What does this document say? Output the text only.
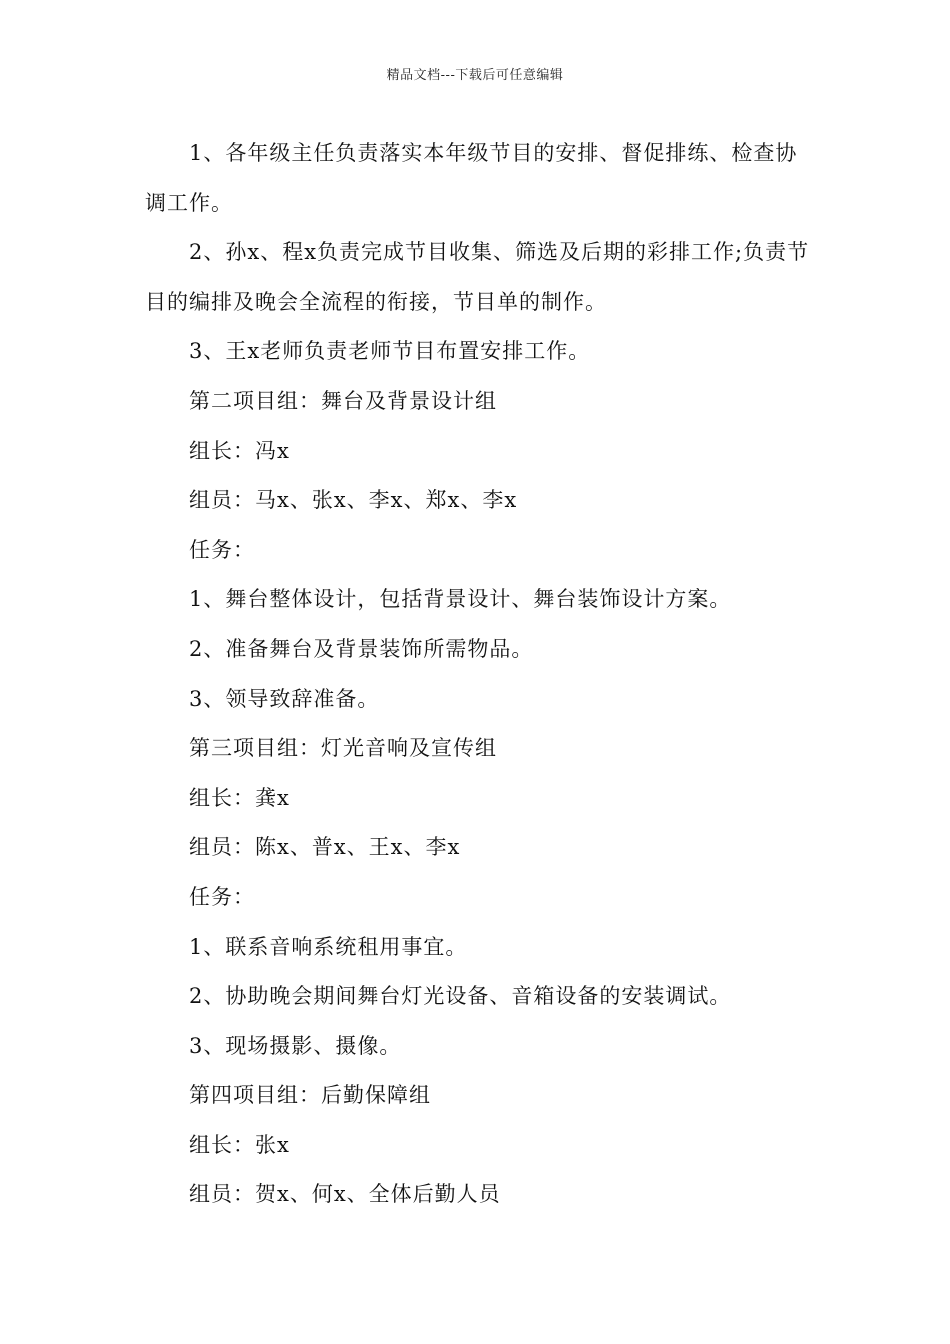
精品文档---下载后可任意编辑

1、各年级主任负责落实本年级节目的安排、督促排练、检查协调工作。

2、孙x、程x负责完成节目收集、筛选及后期的彩排工作;负责节目的编排及晚会全流程的衔接，节目单的制作。

3、王x老师负责老师节目布置安排工作。

第二项目组：舞台及背景设计组

组长：冯x

组员：马x、张x、李x、郑x、李x

任务：

1、舞台整体设计，包括背景设计、舞台装饰设计方案。

2、准备舞台及背景装饰所需物品。

3、领导致辞准备。

第三项目组：灯光音响及宣传组

组长：龚x

组员：陈x、普x、王x、李x

任务：

1、联系音响系统租用事宜。

2、协助晚会期间舞台灯光设备、音箱设备的安装调试。

3、现场摄影、摄像。

第四项目组：后勤保障组

组长：张x

组员：贺x、何x、全体后勤人员
